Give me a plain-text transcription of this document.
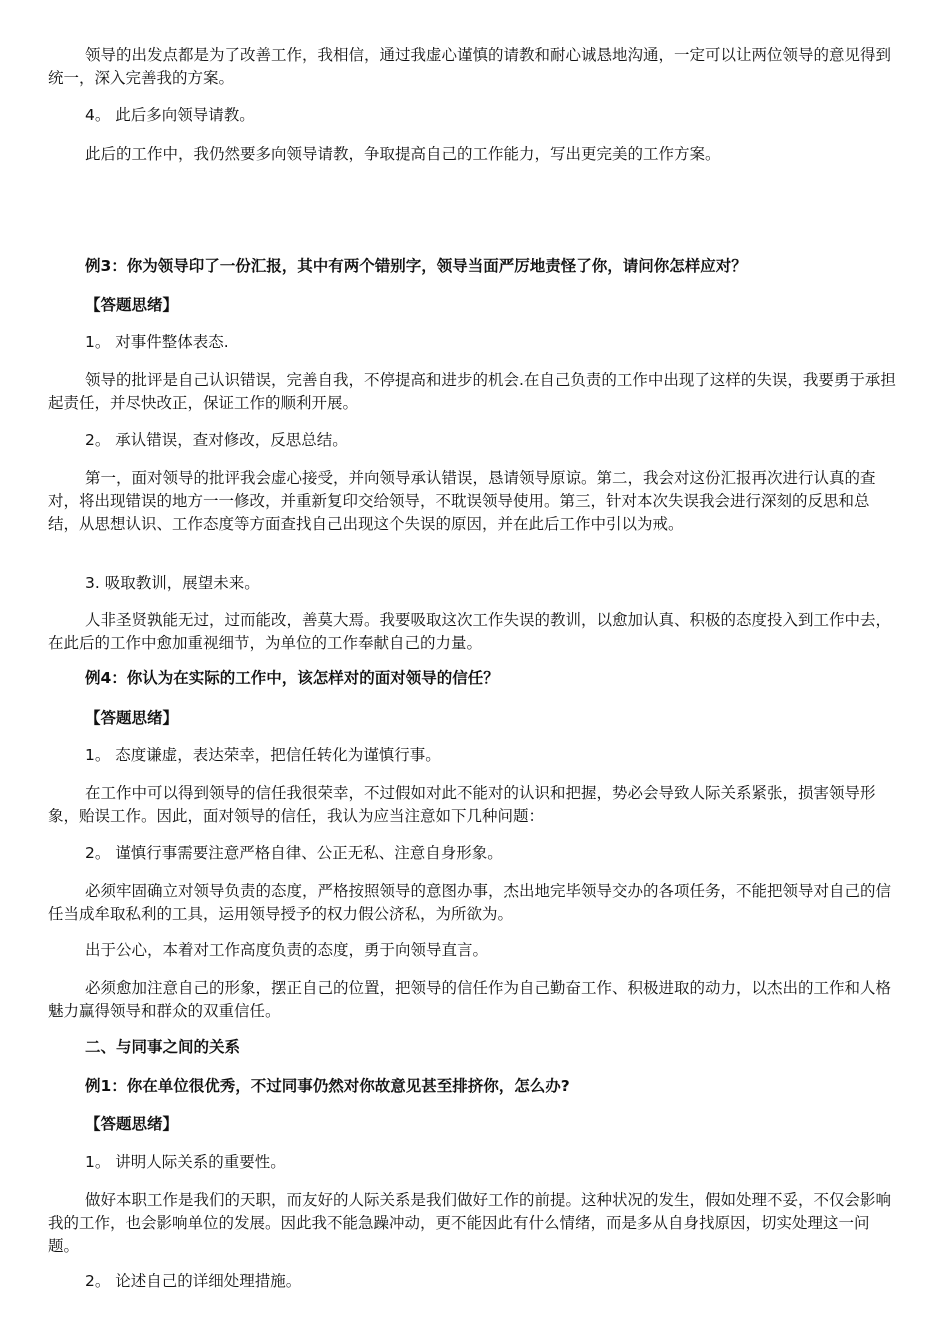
领导的出发点都是为了改善工作，我相信，通过我虚心谨慎的请教和耐心诚恳地沟通，一定可以让两位领导的意见得到统一，深入完善我的方案。

4。 此后多向领导请教。

此后的工作中，我仍然要多向领导请教，争取提高自己的工作能力，写出更完美的工作方案。

例3：你为领导印了一份汇报，其中有两个错别字，领导当面严厉地责怪了你，请问你怎样应对？

【答题思绪】

1。 对事件整体表态.

领导的批评是自己认识错误，完善自我，不停提高和进步的机会.在自己负责的工作中出现了这样的失误，我要勇于承担起责任，并尽快改正，保证工作的顺利开展。

2。 承认错误，查对修改，反思总结。

第一，面对领导的批评我会虚心接受，并向领导承认错误，恳请领导原谅。第二，我会对这份汇报再次进行认真的查对，将出现错误的地方一一修改，并重新复印交给领导，不耽误领导使用。第三，针对本次失误我会进行深刻的反思和总结，从思想认识、工作态度等方面查找自己出现这个失误的原因，并在此后工作中引以为戒。

3. 吸取教训，展望未来。

人非圣贤孰能无过，过而能改，善莫大焉。我要吸取这次工作失误的教训，以愈加认真、积极的态度投入到工作中去，在此后的工作中愈加重视细节，为单位的工作奉献自己的力量。

例4：你认为在实际的工作中，该怎样对的面对领导的信任？

【答题思绪】

1。 态度谦虚，表达荣幸，把信任转化为谨慎行事。

在工作中可以得到领导的信任我很荣幸，不过假如对此不能对的认识和把握，势必会导致人际关系紧张，损害领导形象，贻误工作。因此，面对领导的信任，我认为应当注意如下几种问题：

2。 谨慎行事需要注意严格自律、公正无私、注意自身形象。

必须牢固确立对领导负责的态度，严格按照领导的意图办事，杰出地完毕领导交办的各项任务，不能把领导对自己的信任当成牟取私利的工具，运用领导授予的权力假公济私，为所欲为。

出于公心，本着对工作高度负责的态度，勇于向领导直言。

必须愈加注意自己的形象，摆正自己的位置，把领导的信任作为自己勤奋工作、积极进取的动力，以杰出的工作和人格魅力赢得领导和群众的双重信任。

二、与同事之间的关系

例1：你在单位很优秀，不过同事仍然对你故意见甚至排挤你，怎么办?

【答题思绪】

1。 讲明人际关系的重要性。

做好本职工作是我们的天职，而友好的人际关系是我们做好工作的前提。这种状况的发生，假如处理不妥，不仅会影响我的工作，也会影响单位的发展。因此我不能急躁冲动，更不能因此有什么情绪，而是多从自身找原因，切实处理这一问题。

2。 论述自己的详细处理措施。
